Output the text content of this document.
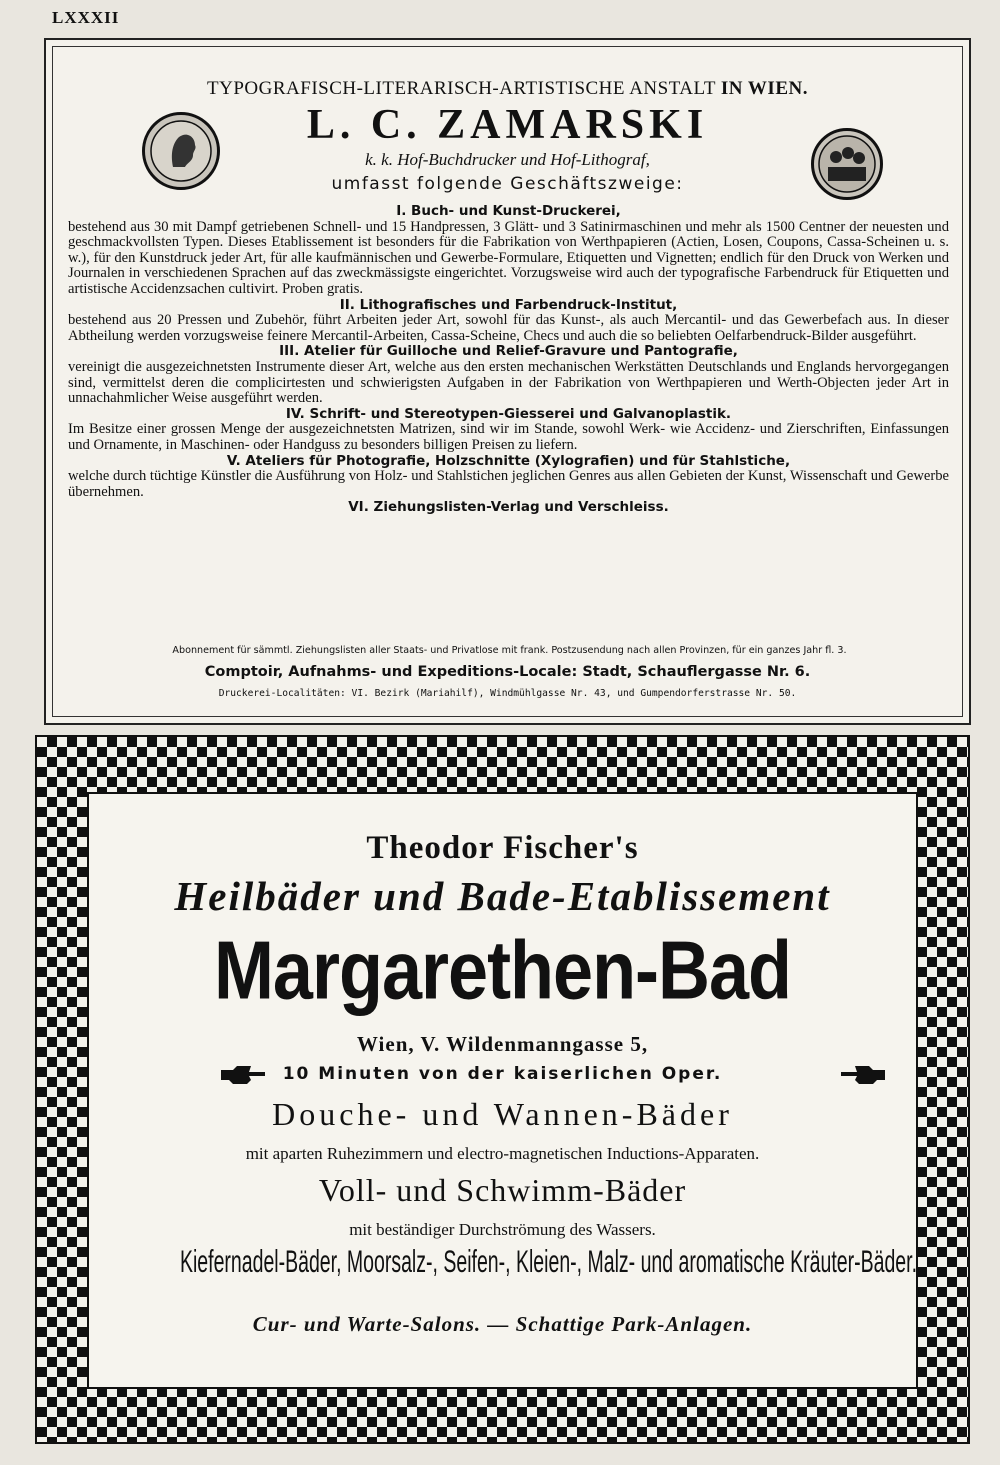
LXXXII
TYPOGRAFISCH-LITERARISCH-ARTISTISCHE ANSTALT IN WIEN.
L. C. ZAMARSKI
k. k. Hof-Buchdrucker und Hof-Lithograf,
umfasst folgende Geschäftszweige:
I. Buch- und Kunst-Druckerei,

bestehend aus 30 mit Dampf getriebenen Schnell- und 15 Handpressen, 3 Glätt- und 3 Satinirmaschinen und mehr als 1500 Centner der neuesten und geschmackvollsten Typen. Dieses Etablissement ist besonders für die Fabrikation von Werthpapieren (Actien, Losen, Coupons, Cassa-Scheinen u. s. w.), für den Kunstdruck jeder Art, für alle kaufmännischen und Gewerbe-Formulare, Etiquetten und Vignetten; endlich für den Druck von Werken und Journalen in verschiedenen Sprachen auf das zweckmässigste eingerichtet. Vorzugsweise wird auch der typografische Farbendruck für Etiquetten und artistische Accidenzsachen cultivirt. Proben gratis.

II. Lithografisches und Farbendruck-Institut,

bestehend aus 20 Pressen und Zubehör, führt Arbeiten jeder Art, sowohl für das Kunst-, als auch Mercantil- und das Gewerbefach aus. In dieser Abtheilung werden vorzugsweise feinere Mercantil-Arbeiten, Cassa-Scheine, Checs und auch die so beliebten Oelfarbendruck-Bilder ausgeführt.

III. Atelier für Guilloche und Relief-Gravure und Pantografie,

vereinigt die ausgezeichnetsten Instrumente dieser Art, welche aus den ersten mechanischen Werkstätten Deutschlands und Englands hervorgegangen sind, vermittelst deren die complicirtesten und schwierigsten Aufgaben in der Fabrikation von Werthpapieren und Werth-Objecten jeder Art in unnachahmlicher Weise ausgeführt werden.

IV. Schrift- und Stereotypen-Giesserei und Galvanoplastik.

Im Besitze einer grossen Menge der ausgezeichnetsten Matrizen, sind wir im Stande, sowohl Werk- wie Accidenz- und Zierschriften, Einfassungen und Ornamente, in Maschinen- oder Handguss zu besonders billigen Preisen zu liefern.

V. Ateliers für Photografie, Holzschnitte (Xylografien) und für Stahlstiche,

welche durch tüchtige Künstler die Ausführung von Holz- und Stahlstichen jeglichen Genres aus allen Gebieten der Kunst, Wissenschaft und Gewerbe übernehmen.

VI. Ziehungslisten-Verlag und Verschleiss.
Abonnement für sämmtl. Ziehungslisten aller Staats- und Privatlose mit frank. Postzusendung nach allen Provinzen, für ein ganzes Jahr fl. 3.
Comptoir, Aufnahms- und Expeditions-Locale: Stadt, Schauflergasse Nr. 6.
Druckerei-Localitäten: VI. Bezirk (Mariahilf), Windmühlgasse Nr. 43, und Gumpendorferstrasse Nr. 50.
Theodor Fischer's
Heilbäder und Bade-Etablissement
Margarethen-Bad
Wien, V. Wildenmanngasse 5,
10 Minuten von der kaiserlichen Oper.
Douche- und Wannen-Bäder
mit aparten Ruhezimmern und electro-magnetischen Inductions-Apparaten.
Voll- und Schwimm-Bäder
mit beständiger Durchströmung des Wassers.
Kiefernadel-Bäder, Moorsalz-, Seifen-, Kleien-, Malz- und aromatische Kräuter-Bäder.
Cur- und Warte-Salons. — Schattige Park-Anlagen.
